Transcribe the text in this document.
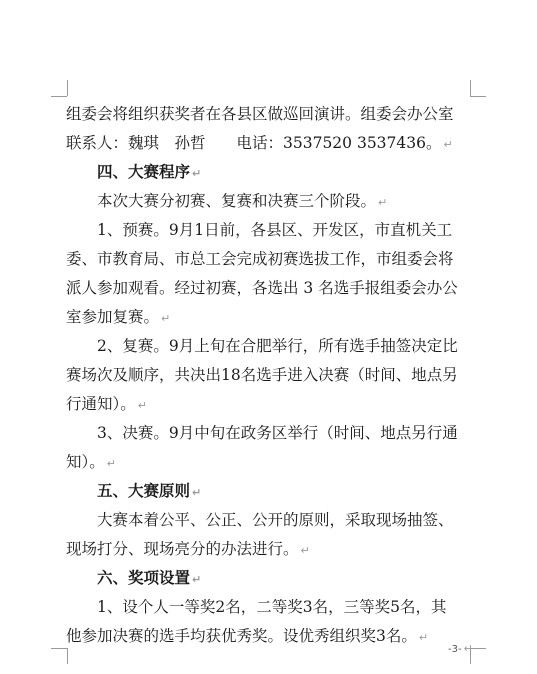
组委会将组织获奖者在各县区做巡回演讲。组委会办公室
联系人：魏琪　孙哲　　电话：3537520 3537436。 ↵
四、大赛程序 ↵
本次大赛分初赛、复赛和决赛三个阶段。 ↵
1、预赛。9月1日前，各县区、开发区，市直机关工
委、市教育局、市总工会完成初赛选拔工作，市组委会将
派人参加观看。经过初赛，各选出 3 名选手报组委会办公
室参加复赛。 ↵
2、复赛。9月上旬在合肥举行，所有选手抽签决定比
赛场次及顺序，共决出18名选手进入决赛（时间、地点另
行通知）。 ↵
3、决赛。9月中旬在政务区举行（时间、地点另行通
知）。 ↵
五、大赛原则 ↵
大赛本着公平、公正、公开的原则，采取现场抽签、
现场打分、现场亮分的办法进行。 ↵
六、奖项设置 ↵
1、设个人一等奖2名，二等奖3名，三等奖5名，其
他参加决赛的选手均获优秀奖。设优秀组织奖3名。 ↵
-3- ↵
